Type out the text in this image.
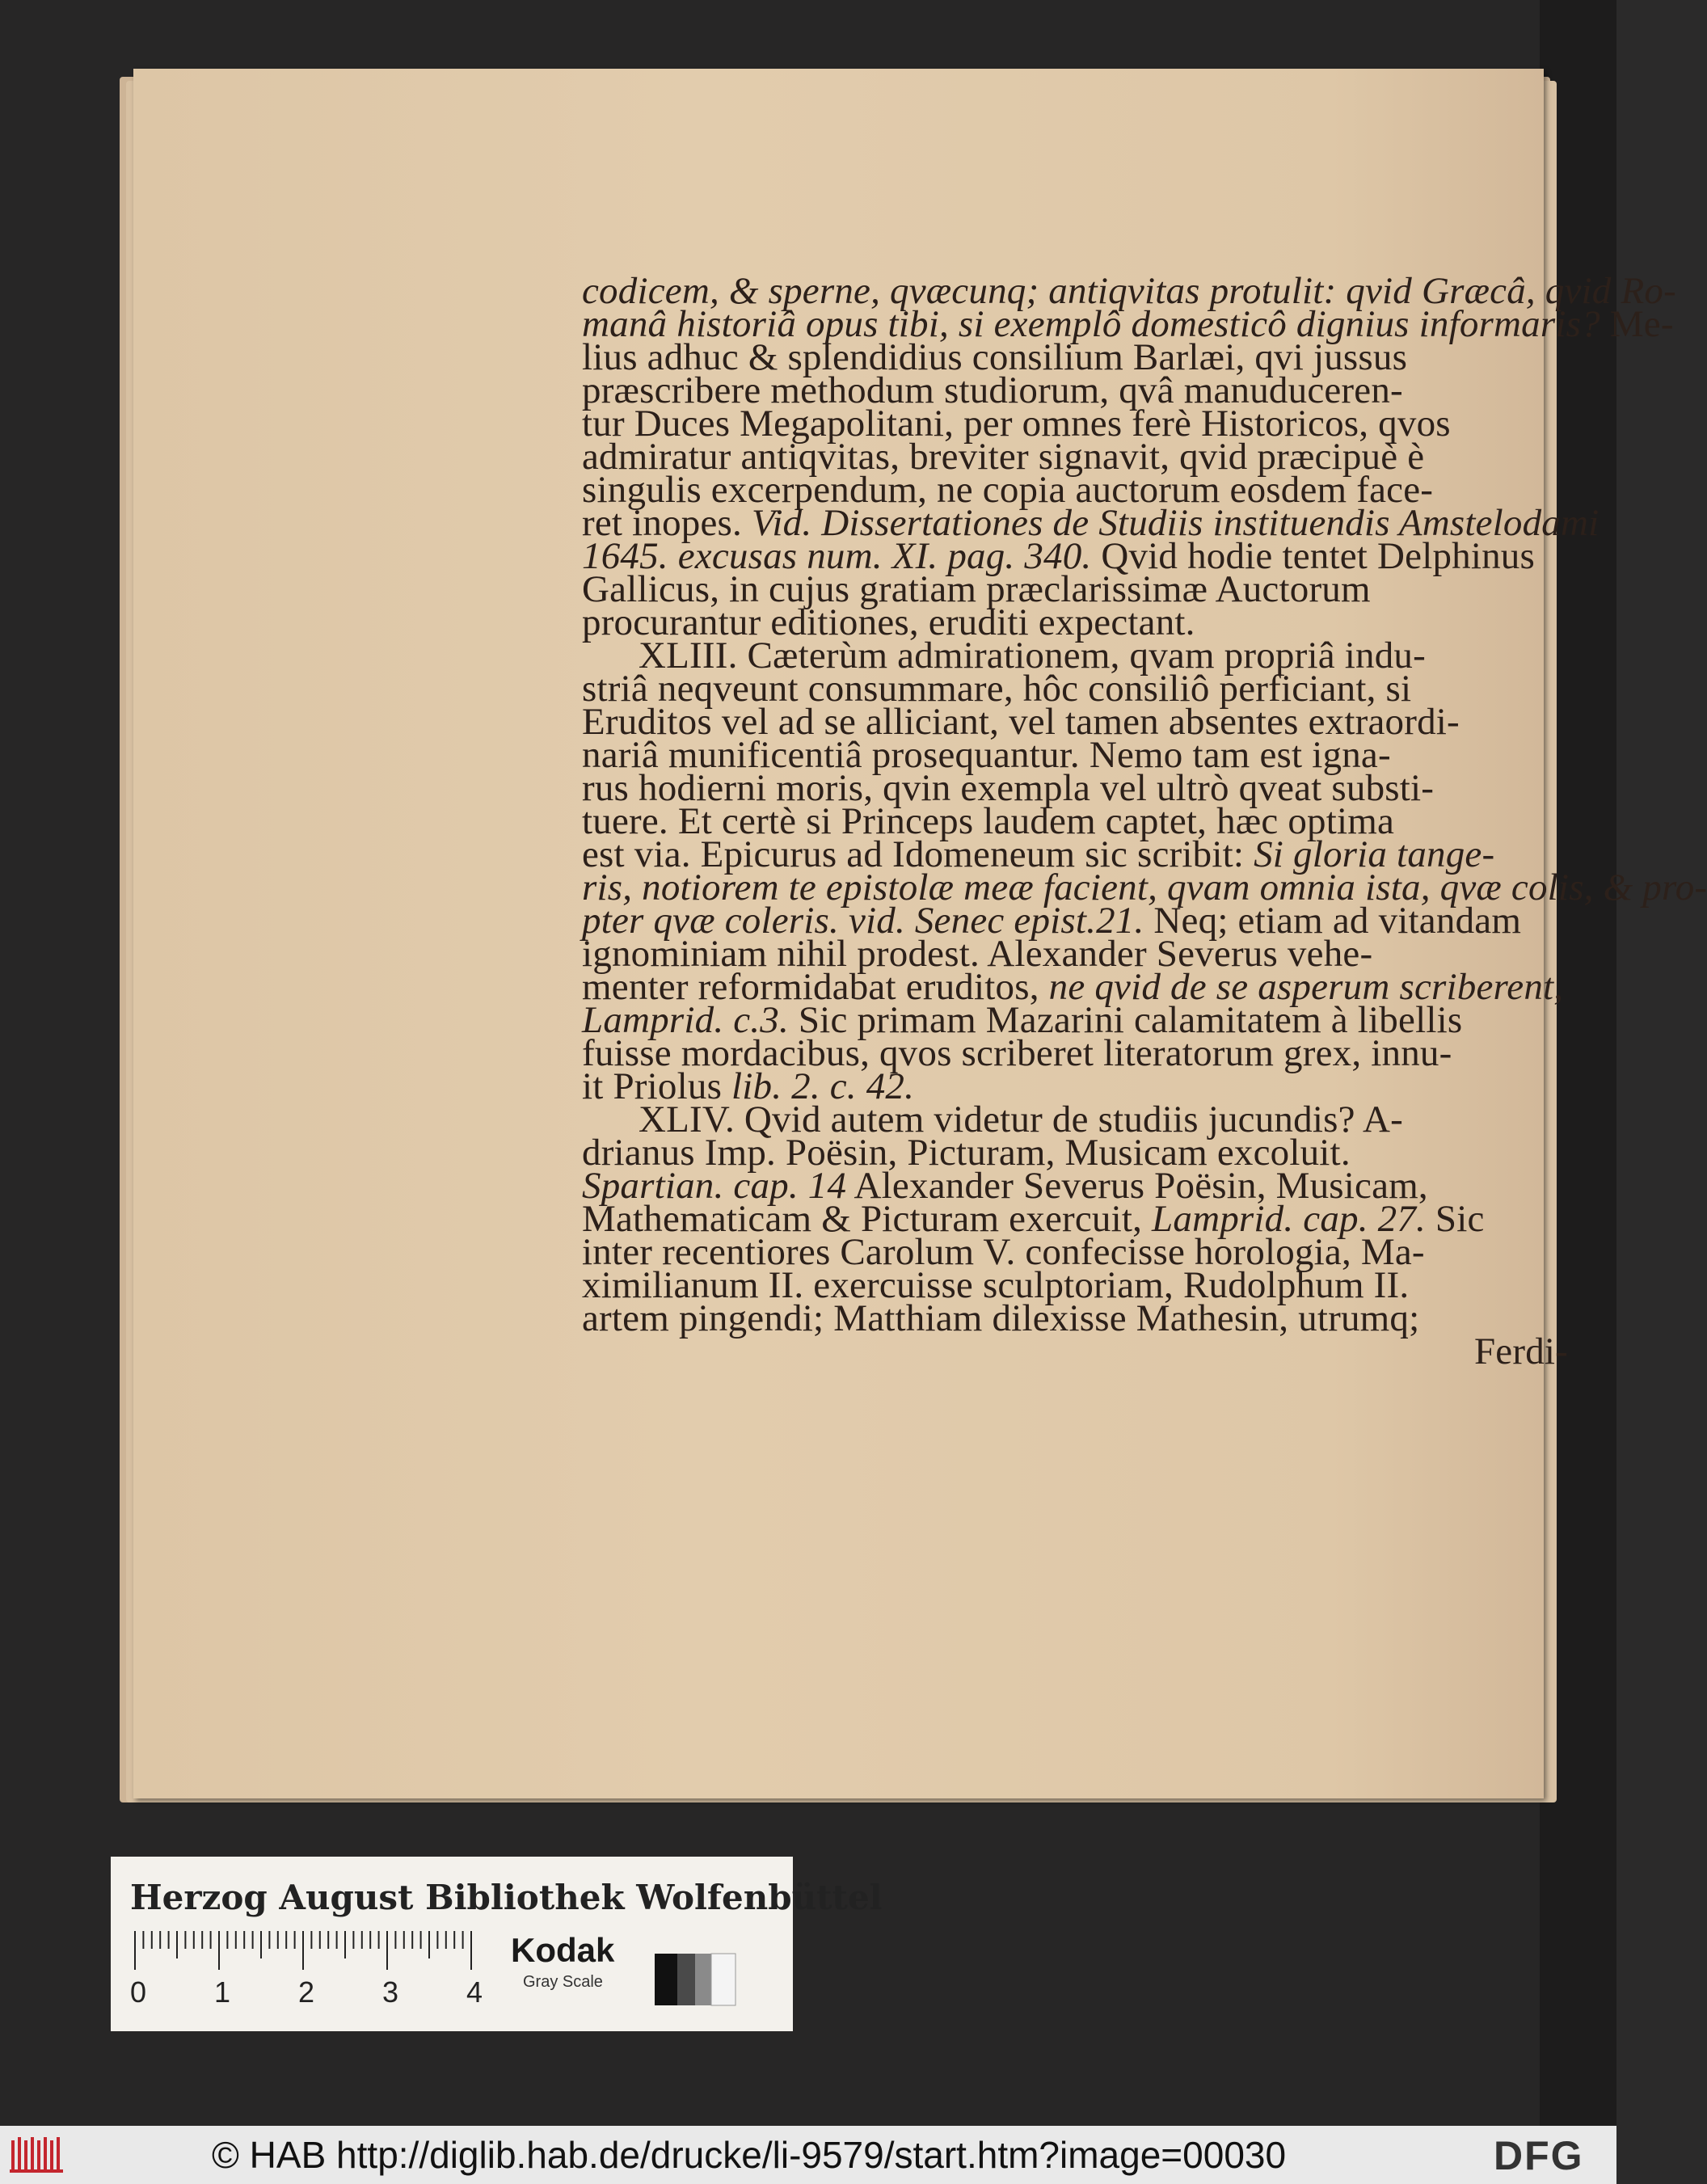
codicem, & sperne, qvæcunq; antiqvitas protulit: qvid Græcâ, qvid Ro-
manâ historiâ opus tibi, si exemplô domesticô dignius informaris? Me-
lius adhuc & splendidius consilium Barlæi, qvi jussus
præscribere methodum studiorum, qvâ manuduceren-
tur Duces Megapolitani, per omnes ferè Historicos, qvos
admiratur antiqvitas, breviter signavit, qvid præcipuè è
singulis excerpendum, ne copia auctorum eosdem face-
ret inopes. Vid. Dissertationes de Studiis instituendis Amstelodami
1645. excusas num. XI. pag. 340. Qvid hodie tentet Delphinus
Gallicus, in cujus gratiam præclarissimæ Auctorum
procurantur editiones, eruditi expectant.
XLIII. Cæterùm admirationem, qvam propriâ indu-
striâ neqveunt consummare, hôc consiliô perficiant, si
Eruditos vel ad se alliciant, vel tamen absentes extraordi-
nariâ munificentiâ prosequantur. Nemo tam est igna-
rus hodierni moris, qvin exempla vel ultrò qveat substi-
tuere. Et certè si Princeps laudem captet, hæc optima
est via. Epicurus ad Idomeneum sic scribit: Si gloria tange-
ris, notiorem te epistolæ meæ facient, qvam omnia ista, qvæ colis, & pro-
pter qvæ coleris. vid. Senec epist.21. Neq; etiam ad vitandam
ignominiam nihil prodest. Alexander Severus vehe-
menter reformidabat eruditos, ne qvid de se asperum scriberent,
Lamprid. c.3. Sic primam Mazarini calamitatem à libellis
fuisse mordacibus, qvos scriberet literatorum grex, innu-
it Priolus lib. 2. c. 42.
XLIV. Qvid autem videtur de studiis jucundis? A-
drianus Imp. Poësin, Picturam, Musicam excoluit.
Spartian. cap. 14 Alexander Severus Poësin, Musicam,
Mathematicam & Picturam exercuit, Lamprid. cap. 27. Sic
inter recentiores Carolum V. confecisse horologia, Ma-
ximilianum II. exercuisse sculptoriam, Rudolphum II.
artem pingendi; Matthiam dilexisse Mathesin, utrumq;
Ferdi-
Herzog August Bibliothek Wolfenbüttel
0 1 2 3 4
Kodak
Gray Scale
© HAB http://diglib.hab.de/drucke/li-9579/start.htm?image=00030	DFG
